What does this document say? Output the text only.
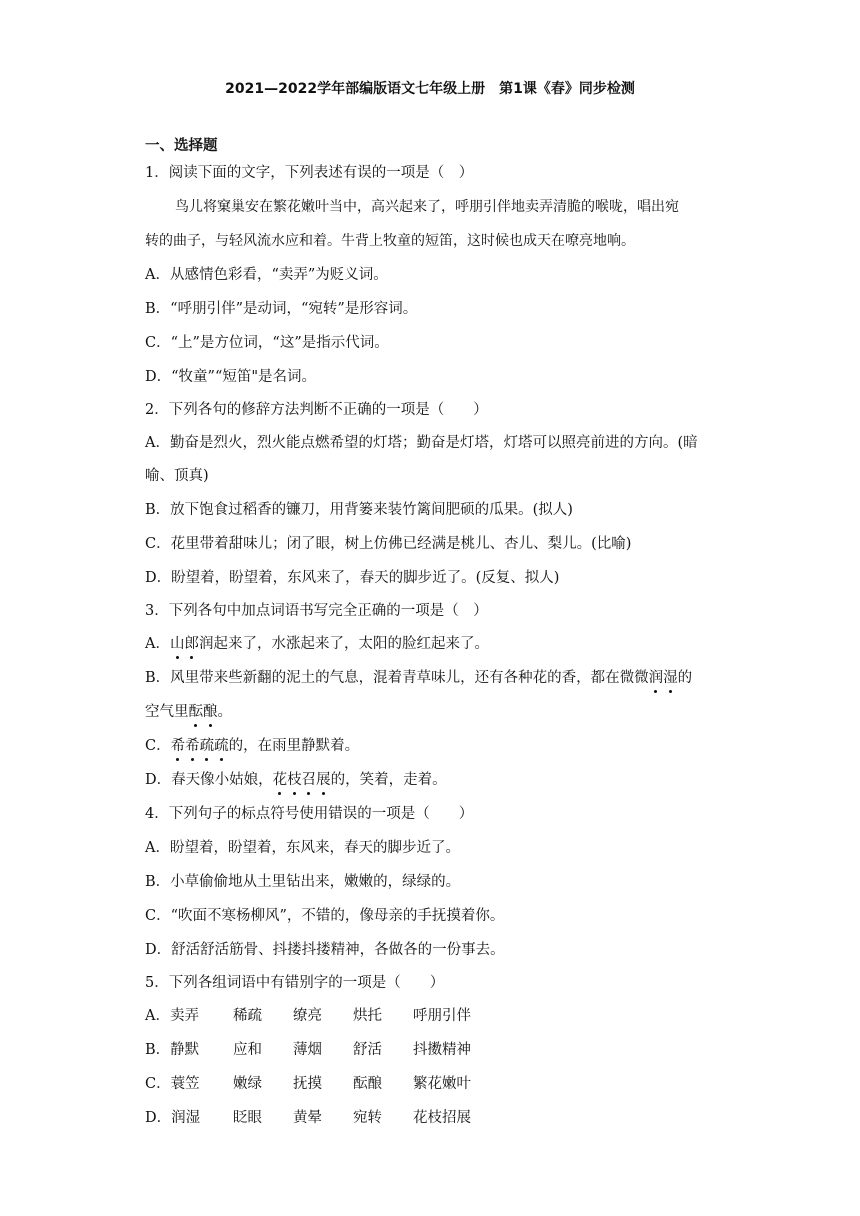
2021—2022学年部编版语文七年级上册　第1课《春》同步检测
一、选择题
1．阅读下面的文字，下列表述有误的一项是（　）
鸟儿将窠巢安在繁花嫩叶当中，高兴起来了，呼朋引伴地卖弄清脆的喉咙，唱出宛
转的曲子，与轻风流水应和着。牛背上牧童的短笛，这时候也成天在嘹亮地响。
A．从感情色彩看，“卖弄”为贬义词。
B．“呼朋引伴”是动词，“宛转”是形容词。
C．“上”是方位词，“这”是指示代词。
D．“牧童”“短笛"是名词。
2．下列各句的修辞方法判断不正确的一项是（　　）
A．勤奋是烈火，烈火能点燃希望的灯塔；勤奋是灯塔，灯塔可以照亮前进的方向。(暗
喻、顶真)
B．放下饱食过稻香的镰刀，用背篓来装竹篱间肥硕的瓜果。(拟人)
C．花里带着甜味儿；闭了眼，树上仿佛已经满是桃儿、杏儿、梨儿。(比喻)
D．盼望着，盼望着，东风来了，春天的脚步近了。(反复、拟人)
3．下列各句中加点词语书写完全正确的一项是（　）
A．山郎润起来了，水涨起来了，太阳的脸红起来了。
B．风里带来些新翻的泥土的气息，混着青草味儿，还有各种花的香，都在微微润湿的
空气里酝酿。
C．希希疏疏的，在雨里静默着。
D．春天像小姑娘，花枝召展的，笑着，走着。
4．下列句子的标点符号使用错误的一项是（　　）
A．盼望着，盼望着，东风来，春天的脚步近了。
B．小草偷偷地从土里钻出来，嫩嫩的，绿绿的。
C．“吹面不寒杨柳风”，不错的，像母亲的手抚摸着你。
D．舒活舒活筋骨、抖搂抖搂精神，各做各的一份事去。
5．下列各组词语中有错别字的一项是（　　）
A．卖弄 稀疏 缭亮 烘托 呼朋引伴
B．静默 应和 薄烟 舒活 抖擞精神
C．蓑笠 嫩绿 抚摸 酝酿 繁花嫩叶
D．润湿 眨眼 黄晕 宛转 花枝招展
